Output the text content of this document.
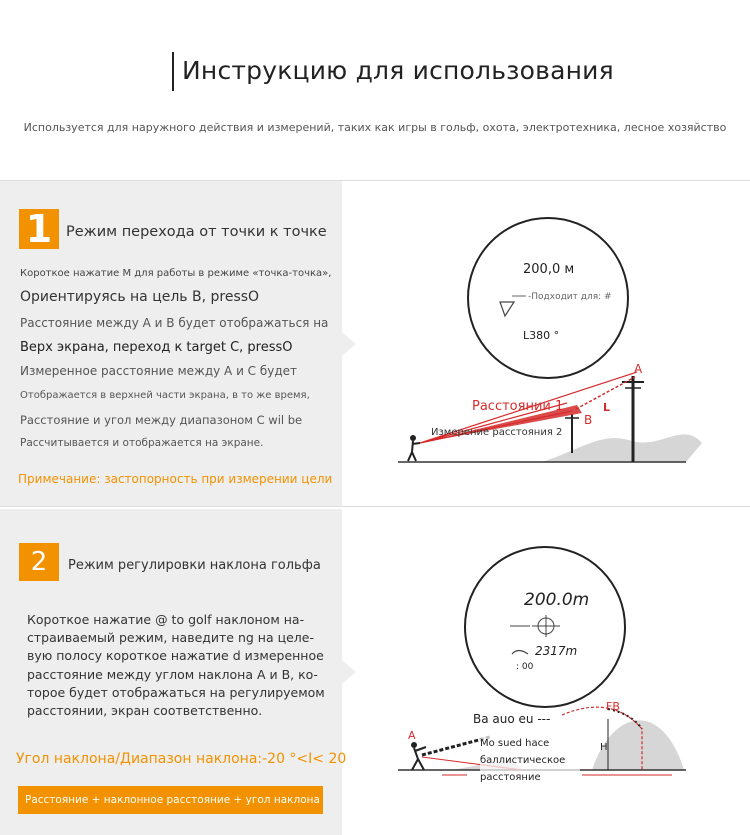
Инструкцию для использования
Используется для наружного действия и измерений, таких как игры в гольф, охота, электротехника, лесное хозяйство
1 Режим перехода от точки к точке
Короткое нажатие M для работы в режиме «точка-точка»,
Ориентируясь на цель B, pressO
Расстояние между A и B будет отображаться на
Верх экрана, переход к target C, pressO
Измеренное расстояние между A и C будет
Отображается в верхней части экрана, в то же время,
Расстояние и угол между диапазоном C wil be
Рассчитывается и отображается на экране.
Примечание: застопорность при измерении цели
200,0 м
-Подходит для: #
L380 °
A
B
L
Расстоянии 1
Измерение расстояния 2
2	Режим регулировки наклона гольфа
Короткое нажатие @ to golf наклоном на-страиваемый режим, наведите ng на целе-вую полосу короткое нажатие d измеренное расстояние между углом наклона A и B, ко-торое будет отображаться на регулируемом расстоянии, экран соответственно.
Угол наклона/Диапазон наклона:-20 °<I< 20
Расстояние + наклонное расстояние + угол наклона
200.0m
2317m
: 00
A
Ba auo eu ---
FB
H
Mo sued hace баллистическое расстояние
